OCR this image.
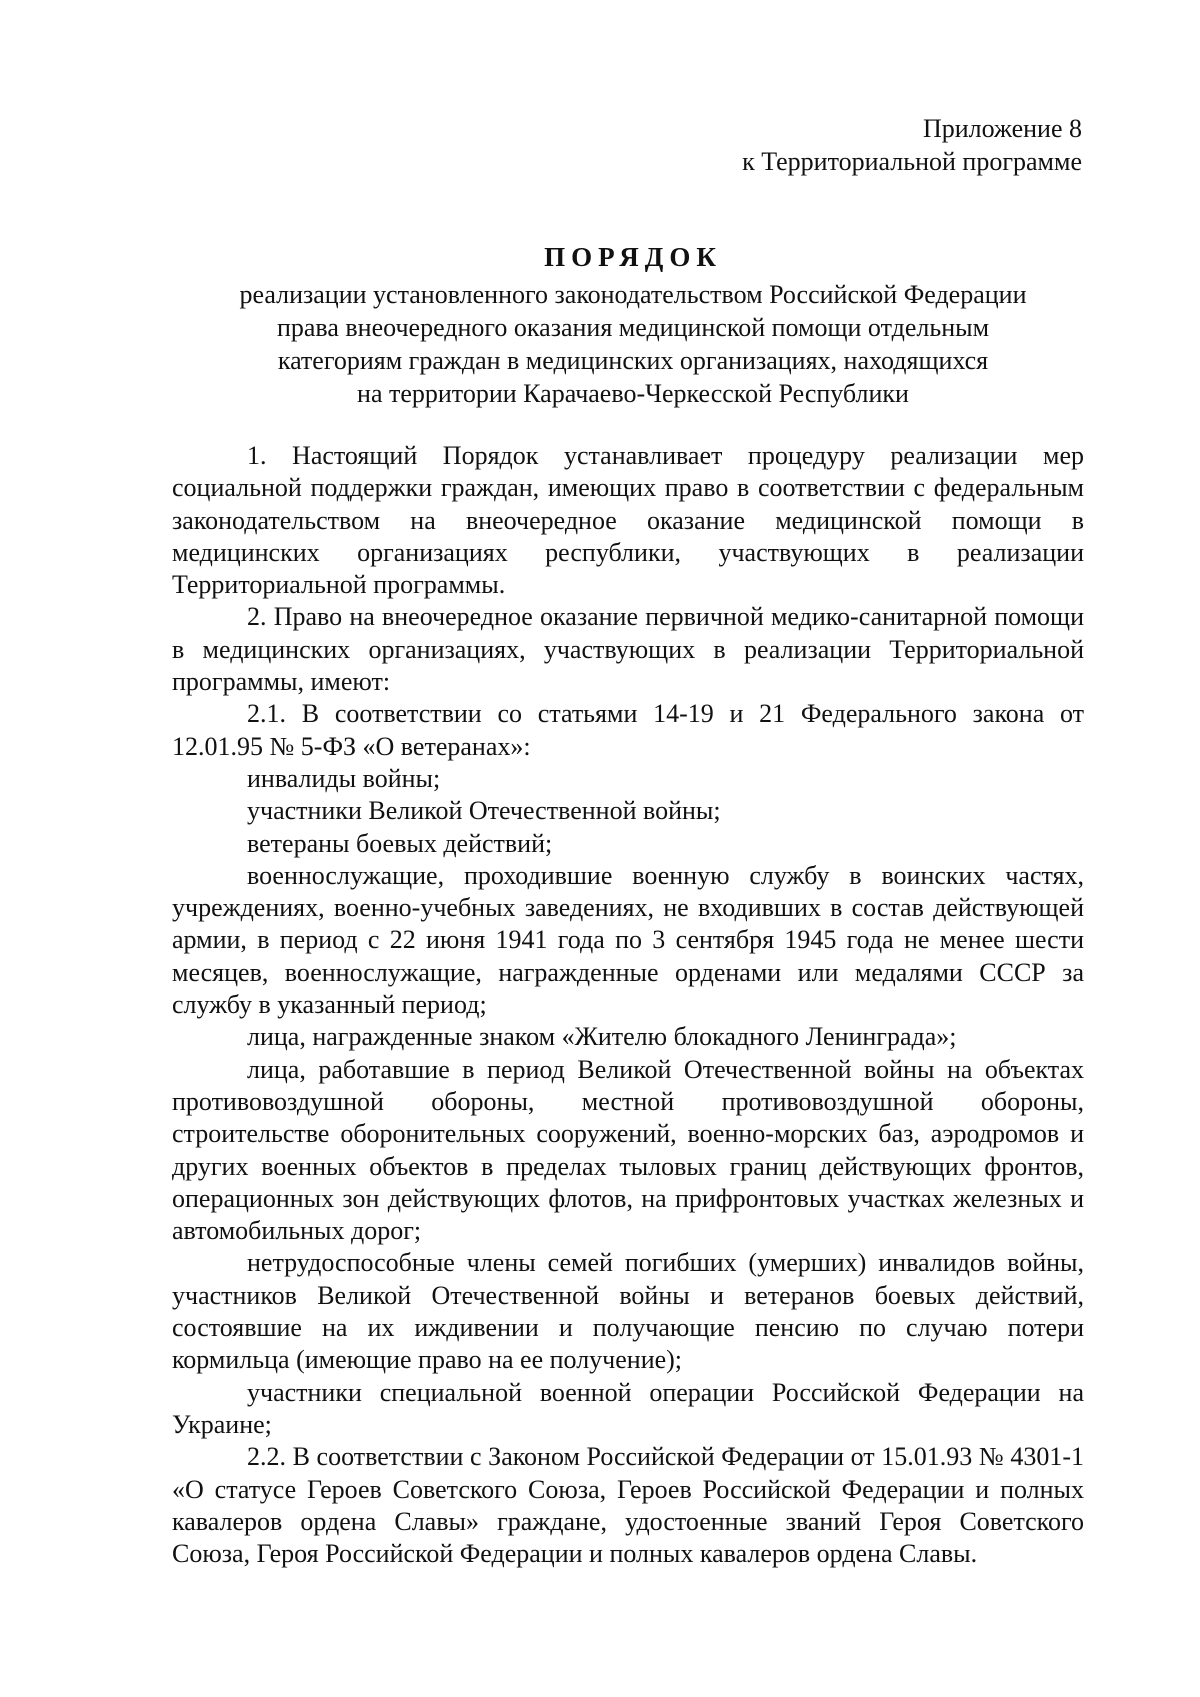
Приложение 8
к Территориальной программе
ПОРЯДОК
реализации установленного законодательством Российской Федерации
права внеочередного оказания медицинской помощи отдельным
категориям граждан в медицинских организациях, находящихся
на территории Карачаево-Черкесской Республики

1. Настоящий Порядок устанавливает процедуру реализации мер социальной поддержки граждан, имеющих право в соответствии с федеральным законодательством на внеочередное оказание медицинской помощи в медицинских организациях республики, участвующих в реализации Территориальной программы.

2. Право на внеочередное оказание первичной медико-санитарной помощи в медицинских организациях, участвующих в реализации Территориальной программы, имеют:

2.1. В соответствии со статьями 14-19 и 21 Федерального закона от 12.01.95 № 5-ФЗ «О ветеранах»:

инвалиды войны;

участники Великой Отечественной войны;

ветераны боевых действий;

военнослужащие, проходившие военную службу в воинских частях, учреждениях, военно-учебных заведениях, не входивших в состав действующей армии, в период с 22 июня 1941 года по 3 сентября 1945 года не менее шести месяцев, военнослужащие, награжденные орденами или медалями СССР за службу в указанный период;

лица, награжденные знаком «Жителю блокадного Ленинграда»;

лица, работавшие в период Великой Отечественной войны на объектах противовоздушной обороны, местной противовоздушной обороны, строительстве оборонительных сооружений, военно-морских баз, аэродромов и других военных объектов в пределах тыловых границ действующих фронтов, операционных зон действующих флотов, на прифронтовых участках железных и автомобильных дорог;

нетрудоспособные члены семей погибших (умерших) инвалидов войны, участников Великой Отечественной войны и ветеранов боевых действий, состоявшие на их иждивении и получающие пенсию по случаю потери кормильца (имеющие право на ее получение);

участники специальной военной операции Российской Федерации на Украине;

2.2. В соответствии с Законом Российской Федерации от 15.01.93 № 4301-1 «О статусе Героев Советского Союза, Героев Российской Федерации и полных кавалеров ордена Славы» граждане, удостоенные званий Героя Советского Союза, Героя Российской Федерации и полных кавалеров ордена Славы.
